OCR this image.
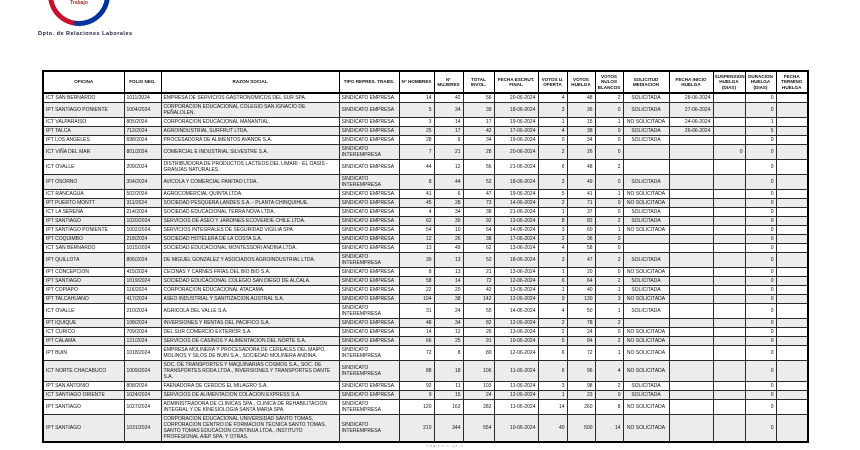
Trabajo
Dpto. de Relaciones Laborales
OFICINA	FOLIO NEG.	RAZON SOCIAL	TIPO REPRES. TRABS.	N° HOMBRES	N° MUJERES	TOTAL INVOL.	FECHA ESCRUT. FINAL	VOTOS U. OFERTA	VOTOS HUELGA	VOTOS NULOS BLANCOS	SOLICITUD MEDIACION	FECHA INICIO HUELGA	SUSPENSION HUELGA (DIAS)	DURACION HUELGA (DIAS)	FECHA TERMINO HUELGA
ICT SAN BERNARDO	1011/2024	EMPRESA DE SERVICIOS GASTRONOMICOS DEL SUR SPA.	SINDICATO EMPRESA	14	42	56	20-06-2024	4	48	2	SOLICITADA	28-06-2024		0	
IPT SANTIAGO PONIENTE	1004/2024	CORPORACION EDUCACIONAL COLEGIO SAN IGNACIO DE PEÑALOLEN.	SINDICATO EMPRESA	5	34	39	18-06-2024	3	36	0	SOLICITADA	27-06-2024		0	
ICT VALPARAISO	805/2024	CORPORACION EDUCACIONAL MANANTIAL.	SINDICATO EMPRESA	3	14	17	19-06-2024	1	15	1	NO SOLICITADA	24-06-2024		1	
IPT TALCA	712/2024	AGROINDUSTRIAL SURFRUT LTDA.	SINDICATO EMPRESA	25	17	42	17-06-2024	4	38	0	SOLICITADA	26-06-2024		5	
IPT LOS ANGELES	698/2024	PROCESADORA DE ALIMENTOS AVANDE S.A.	SINDICATO EMPRESA	28	6	34	19-06-2024	0	34	0	SOLICITADA			0	
ICT VIÑA DEL MAR	801/2024	COMERCIAL E INDUSTRIAL SILVESTRE S.A.	SINDICATO INTEREMPRESA	7	21	28	20-06-2024	2	26	0			0	0	
ICT OVALLE	209/2024	DISTRIBUIDORA DE PRODUCTOS LACTEOS DEL LIMARI - EL OASIS - GRANJAS NATURALES.	SINDICATO EMPRESA	44	12	56	21-06-2024	6	48	2				0	
IPT OSORNO	304/2024	AVICOLA Y COMERCIAL PANITAO LTDA.	SINDICATO INTEREMPRESA	8	44	52	18-06-2024	3	49	0	SOLICITADA			0	
ICT RANCAGUA	502/2024	AGROCOMERCIAL QUINTA LTDA.	SINDICATO EMPRESA	41	6	47	19-06-2024	5	41	1	NO SOLICITADA			0	
IPT PUERTO MONTT	311/2024	SOCIEDAD PESQUERA LANDES S.A. - PLANTA CHINQUIHUE.	SINDICATO EMPRESA	45	28	73	14-06-2024	2	71	0	NO SOLICITADA			0	
ICT LA SERENA	214/2024	SOCIEDAD EDUCACIONAL TERRA NOVA LTDA.	SINDICATO EMPRESA	4	34	38	21-06-2024	1	37	0	SOLICITADA			0	
IPT SANTIAGO	1020/2024	SERVICIOS DE ASEO Y JARDINES ECOVERDE CHILE LTDA.	SINDICATO EMPRESA	62	30	92	13-06-2024	8	82	2	SOLICITADA			0	
IPT SANTIAGO PONIENTE	1002/2024	SERVICIOS INTEGRALES DE SEGURIDAD VIGILIA SPA.	SINDICATO EMPRESA	54	10	64	14-06-2024	3	60	1	NO SOLICITADA			0	
IPT COQUIMBO	218/2024	SOCIEDAD HOTELERA DE LA COSTA S.A.	SINDICATO EMPRESA	12	26	38	17-06-2024	2	36	0				0	
ICT SAN BERNARDO	1015/2024	SOCIEDAD EDUCACIONAL MONTESSORI ANDINA LTDA.	SINDICATO EMPRESA	13	49	62	13-06-2024	4	58	0				0	
IPT QUILLOTA	806/2024	DE MIGUEL GONZALEZ Y ASOCIADOS AGROINDUSTRIAL LTDA.	SINDICATO INTEREMPRESA	39	13	52	18-06-2024	3	47	2	SOLICITADA			0	
IPT CONCEPCION	415/2024	CECINAS Y CARNES FRIAS DEL BIO BIO S.A.	SINDICATO EMPRESA	8	13	21	13-06-2024	1	20	0	NO SOLICITADA			0	
IPT SANTIAGO	1019/2024	SOCIEDAD EDUCACIONAL COLEGIO SAN DIEGO DE ALCALA.	SINDICATO EMPRESA	58	14	72	12-06-2024	6	64	2	SOLICITADA			0	
IPT COPIAPO	116/2024	CORPORACION EDUCACIONAL ATACAMA.	SINDICATO EMPRESA	22	20	42	13-06-2024	1	40	1	SOLICITADA			0	
IPT TALCAHUANO	417/2024	ASEO INDUSTRIAL Y SANITIZACION AUSTRAL S.A.	SINDICATO EMPRESA	104	38	142	12-06-2024	9	130	3	NO SOLICITADA			0	
ICT OVALLE	210/2024	AGRICOLA DEL VALLE S.A.	SINDICATO INTEREMPRESA	31	24	55	14-06-2024	4	50	1	SOLICITADA			0	
IPT IQUIQUE	108/2024	INVERSIONES Y RENTAS DEL PACIFICO S.A.	SINDICATO EMPRESA	48	34	82	12-06-2024	2	78	2				0	
ICT CURICO	709/2024	DEL SUR COMERCIO EXTERIOR S.A.	SINDICATO EMPRESA	14	12	26	13-06-2024	2	24	0	NO SOLICITADA			0	
IPT CALAMA	121/2024	SERVICIOS DE CASINOS Y ALIMENTACION DEL NORTE S.A.	SINDICATO EMPRESA	66	25	91	10-06-2024	5	84	2	NO SOLICITADA			0	
IPT BUIN	1018/2024	EMPRESA MOLINERA Y PROCESADORA DE CEREALES DEL MAIPO, MOLINOS Y SILOS DE BUIN S.A., SOCIEDAD MOLINERA ANDINA.	SINDICATO INTEREMPRESA	72	8	80	12-06-2024	6	72	1	NO SOLICITADA			0	
ICT NORTE CHACABUCO	1009/2024	SOC. DE TRANSPORTES Y MAQUINARIAS COSMOS S.A., SOC. DE TRANSPORTES RODA LTDA., INVERSIONES Y TRANSPORTES DANTE S.A.	SINDICATO INTEREMPRESA	88	18	106	11-06-2024	6	96	4	NO SOLICITADA			0	
IPT SAN ANTONIO	808/2024	FAENADORA DE CERDOS EL MILAGRO S.A.	SINDICATO EMPRESA	92	11	103	11-06-2024	3	98	2	SOLICITADA			0	
ICT SANTIAGO ORIENTE	1024/2024	SERVICIOS DE ALIMENTACION COLACION EXPRESS S.A.	SINDICATO EMPRESA	9	15	24	12-06-2024	1	23	0	SOLICITADA			0	
IPT SANTIAGO	1027/2024	ADMINISTRADORA DE CLINICAS SPA., CLINICA DE REHABILITACION INTEGRAL Y DE KINESIOLOGIA SANTA MARIA SPA.	SINDICATO INTEREMPRESA	120	162	282	11-06-2024	14	260	8	NO SOLICITADA			0	
IPT SANTIAGO	1031/2024	CORPORACION EDUCACIONAL UNIVERSIDAD SANTO TOMAS, CORPORACION CENTRO DE FORMACION TECNICA SANTO TOMAS, SANTO TOMAS EDUCACION CONTINUA LTDA., INSTITUTO PROFESIONAL AIEP SPA. Y OTRAS.	SINDICATO INTEREMPRESA	210	344	554	10-06-2024	40	500	14	NO SOLICITADA			0	
Página 1 de 1
